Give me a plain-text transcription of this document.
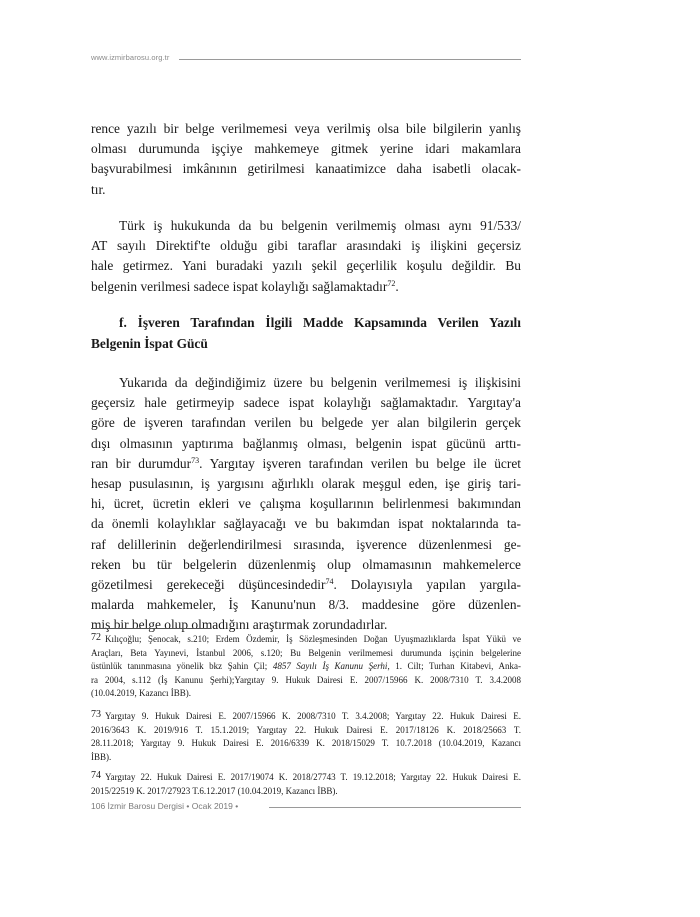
www.izmirbarosu.org.tr
rence yazılı bir belge verilmemesi veya verilmiş olsa bile bilgilerin yanlış
olması durumunda işçiye mahkemeye gitmek yerine idari makamlara
başvurabilmesi imkânının getirilmesi kanaatimizce daha isabetli olacak-
tır.
Türk iş hukukunda da bu belgenin verilmemiş olması aynı 91/533/
AT sayılı Direktif'te olduğu gibi taraflar arasındaki iş ilişkini geçersiz
hale getirmez. Yani buradaki yazılı şekil geçerlilik koşulu değildir. Bu
belgenin verilmesi sadece ispat kolaylığı sağlamaktadır$^{72}$.
f. İşveren Tarafından İlgili Madde Kapsamında Verilen Yazılı
Belgenin İspat Gücü
Yukarıda da değindiğimiz üzere bu belgenin verilmemesi iş ilişkisini
geçersiz hale getirmeyip sadece ispat kolaylığı sağlamaktadır. Yargıtay'a
göre de işveren tarafından verilen bu belgede yer alan bilgilerin gerçek
dışı olmasının yaptırıma bağlanmış olması, belgenin ispat gücünü arttı-
ran bir durumdur$^{73}$. Yargıtay işveren tarafından verilen bu belge ile ücret
hesap pusulasının, iş yargısını ağırlıklı olarak meşgul eden, işe giriş tari-
hi, ücret, ücretin ekleri ve çalışma koşullarının belirlenmesi bakımından
da önemli kolaylıklar sağlayacağı ve bu bakımdan ispat noktalarında ta-
raf delillerinin değerlendirilmesi sırasında, işverence düzenlenmesi ge-
reken bu tür belgelerin düzenlenmiş olup olmamasının mahkemelerce
gözetilmesi gerekeceği düşüncesindedir$^{74}$. Dolayısıyla yapılan yargıla-
malarda mahkemeler, İş Kanunu'nun 8/3. maddesine göre düzenlen-
miş bir belge olup olmadığını araştırmak zorundadırlar.
72 Kılıçoğlu; Şenocak, s.210; Erdem Özdemir, İş Sözleşmesinden Doğan Uyuşmazlıklarda İspat Yükü ve
Araçları, Beta Yayınevi, İstanbul 2006, s.120; Bu Belgenin verilmemesi durumunda işçinin belgelerine
üstünlük tanınmasına yönelik bkz Şahin Çil; 4857 Sayılı İş Kanunu Şerhi, 1. Cilt; Turhan Kitabevi, Anka-
ra 2004, s.112 (İş Kanunu Şerhi);Yargıtay 9. Hukuk Dairesi E. 2007/15966 K. 2008/7310 T. 3.4.2008
(10.04.2019, Kazancı İBB).
73 Yargıtay 9. Hukuk Dairesi E. 2007/15966 K. 2008/7310 T. 3.4.2008; Yargıtay 22. Hukuk Dairesi E.
2016/3643 K. 2019/916 T. 15.1.2019; Yargıtay 22. Hukuk Dairesi E. 2017/18126 K. 2018/25663 T.
28.11.2018; Yargıtay 9. Hukuk Dairesi E. 2016/6339 K. 2018/15029 T. 10.7.2018 (10.04.2019, Kazancı
İBB).
74 Yargıtay 22. Hukuk Dairesi E. 2017/19074 K. 2018/27743 T. 19.12.2018; Yargıtay 22. Hukuk Dairesi E.
2015/22519 K. 2017/27923 T.6.12.2017 (10.04.2019, Kazancı İBB).
106 İzmir Barosu Dergisi • Ocak 2019 •
